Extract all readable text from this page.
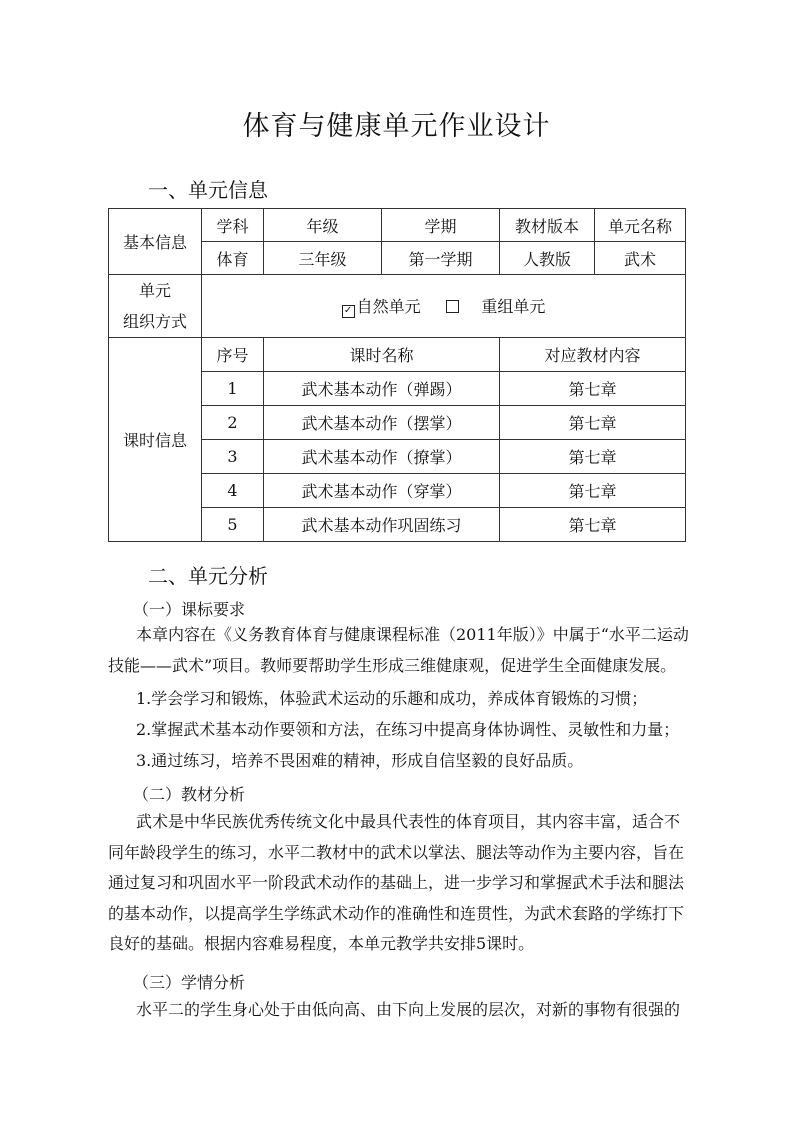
体育与健康单元作业设计
一、单元信息
基本信息	学科	年级	学期	教材版本	单元名称
	体育	三年级	第一学期	人教版	武术
单元
组织方式	✓ 自然单元 重组单元				
课时信息	序号	课时名称		对应教材内容	
	1	武术基本动作（弹踢）		第七章	
	2	武术基本动作（摆掌）		第七章	
	3	武术基本动作（撩掌）		第七章	
	4	武术基本动作（穿掌）		第七章	
	5	武术基本动作巩固练习		第七章	
二、单元分析
（一）课标要求

本章内容在《义务教育体育与健康课程标准（2011年版）》中属于“水平二运动

技能——武术”项目。教师要帮助学生形成三维健康观，促进学生全面健康发展。

1.学会学习和锻炼，体验武术运动的乐趣和成功，养成体育锻炼的习惯；

2.掌握武术基本动作要领和方法，在练习中提高身体协调性、灵敏性和力量；

3.通过练习，培养不畏困难的精神，形成自信坚毅的良好品质。

（二）教材分析

武术是中华民族优秀传统文化中最具代表性的体育项目，其内容丰富，适合不

同年龄段学生的练习，水平二教材中的武术以掌法、腿法等动作为主要内容，旨在

通过复习和巩固水平一阶段武术动作的基础上，进一步学习和掌握武术手法和腿法

的基本动作，以提高学生学练武术动作的准确性和连贯性，为武术套路的学练打下

良好的基础。根据内容难易程度，本单元教学共安排5课时。

（三）学情分析

水平二的学生身心处于由低向高、由下向上发展的层次，对新的事物有很强的
